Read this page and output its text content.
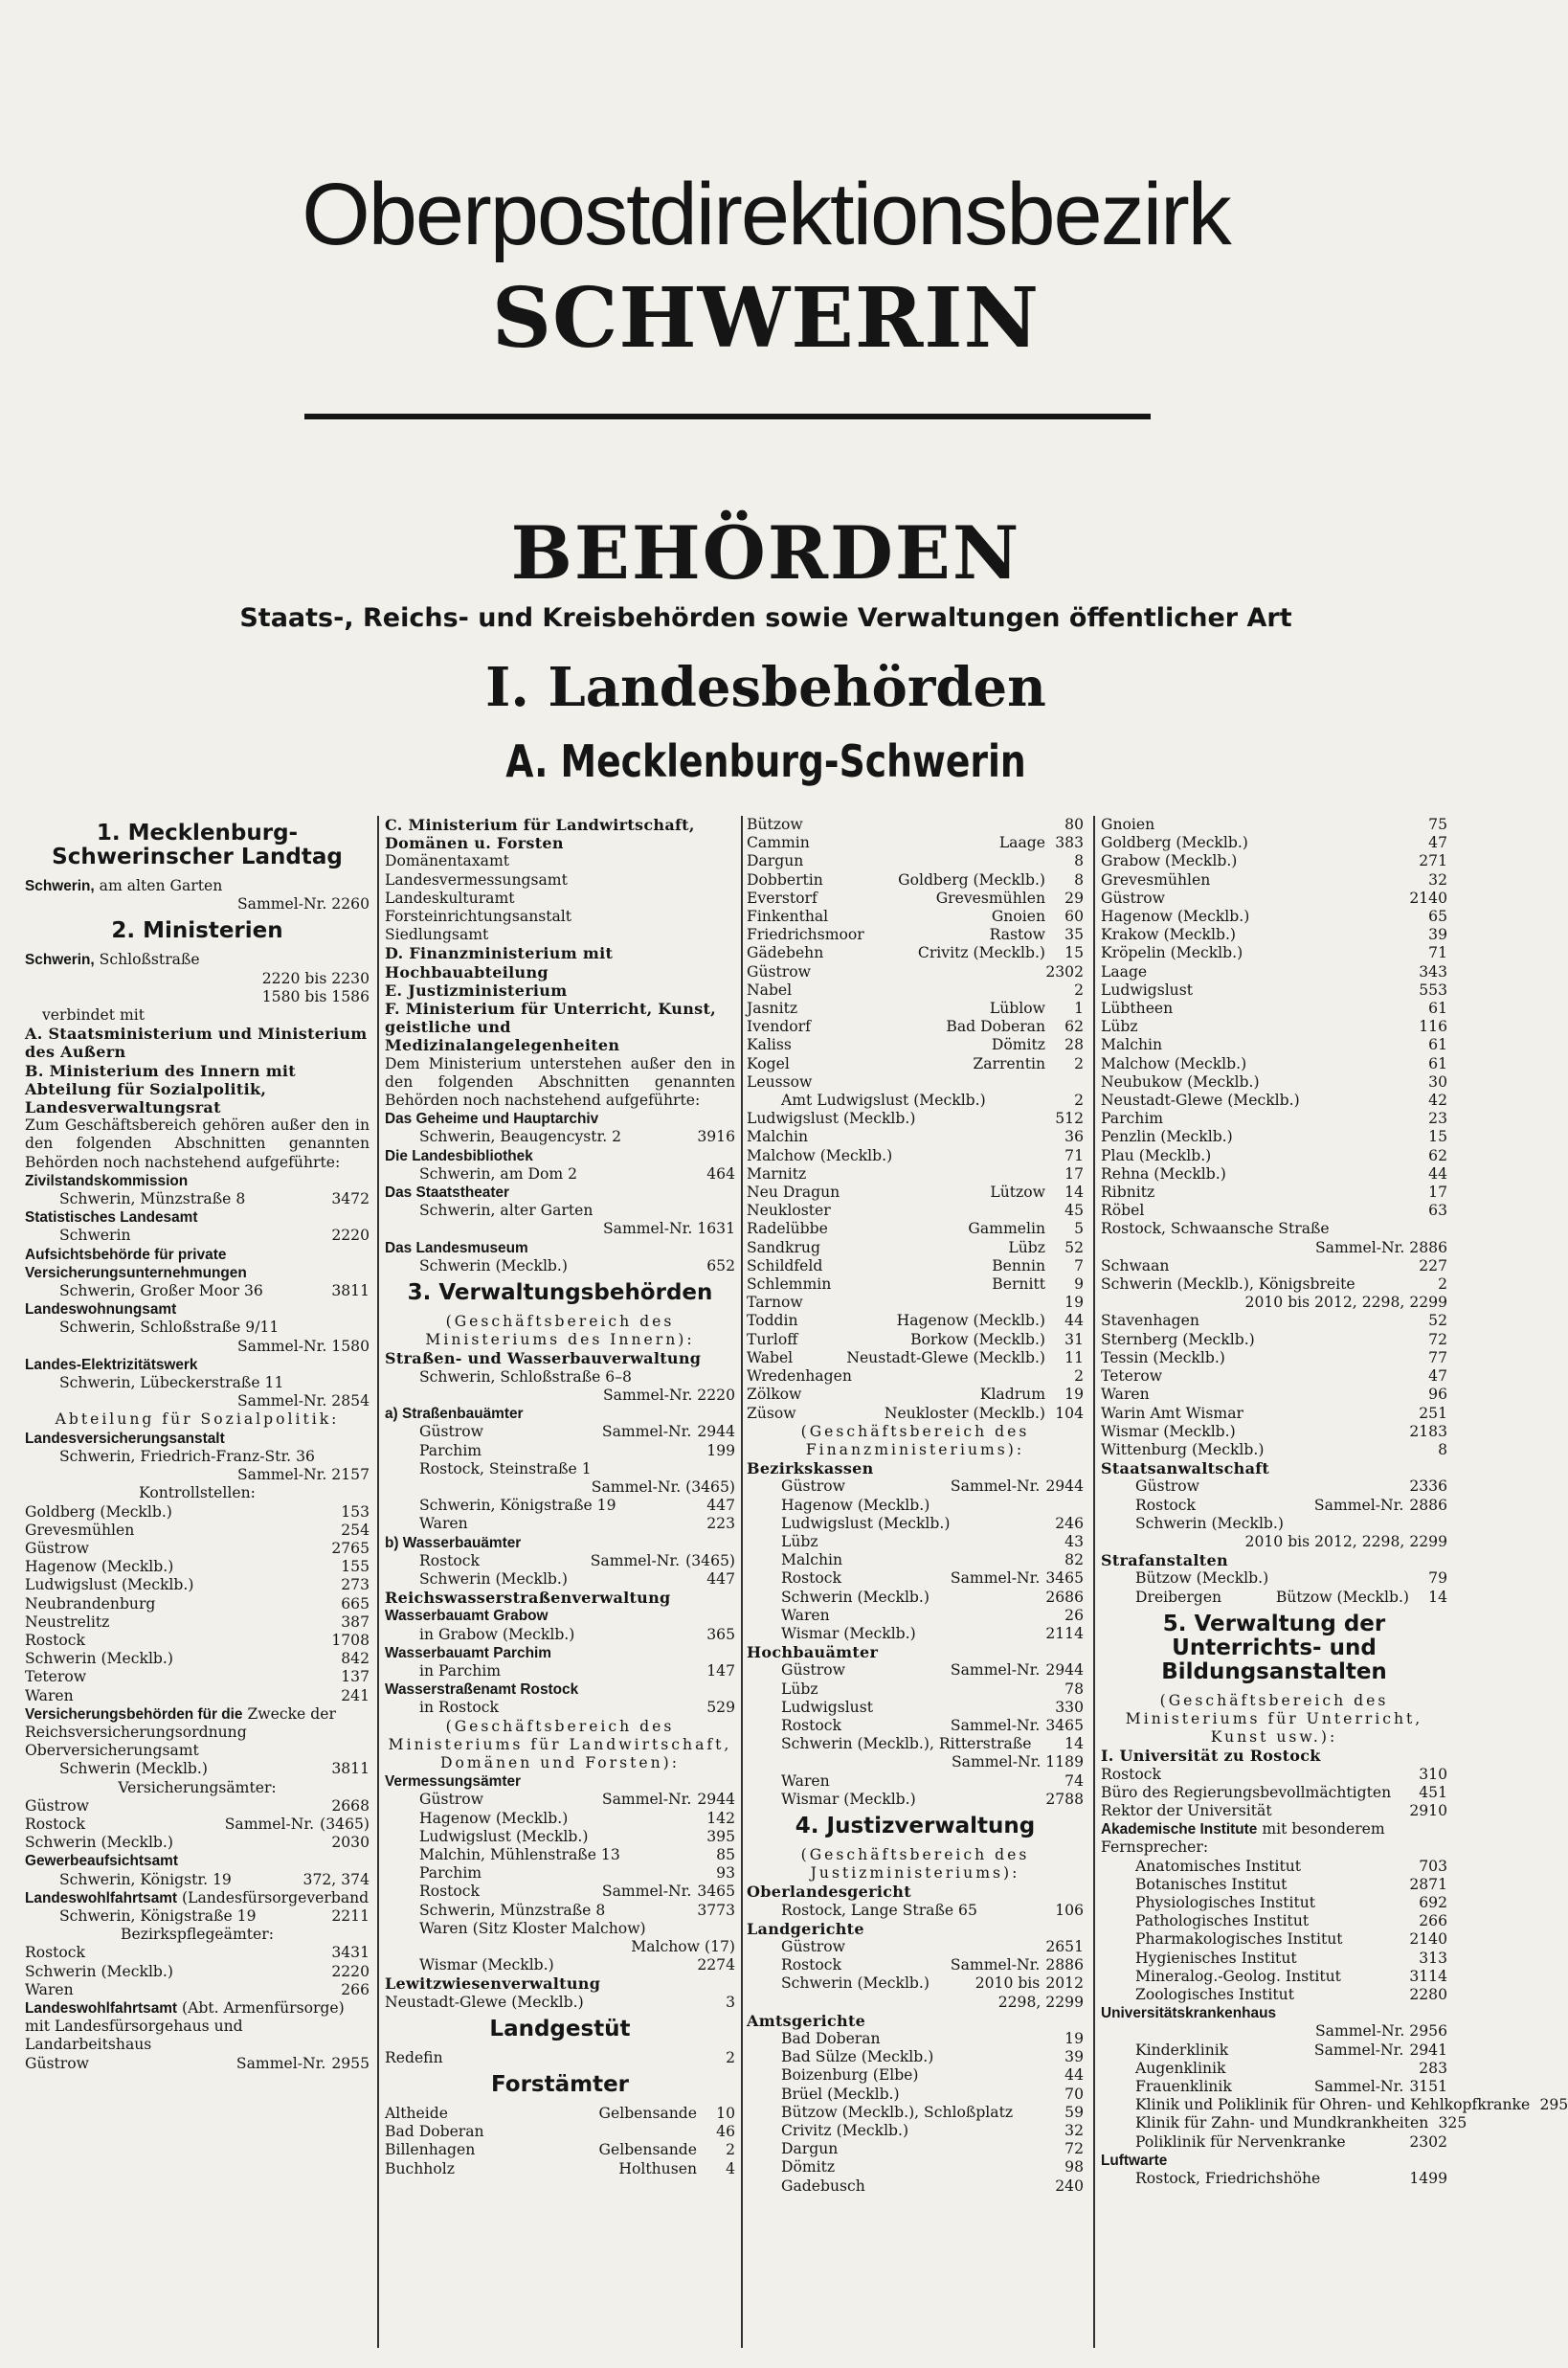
Oberpostdirektionsbezirk
SCHWERIN
BEHÖRDEN
Staats-, Reichs- und Kreisbehörden sowie Verwaltungen öffentlicher Art
I. Landesbehörden
A. Mecklenburg-Schwerin
1. Mecklenburg-Schwerinscher Landtag
Schwerin, am alten Garten
Sammel-Nr. 2260
2. Ministerien
Schwerin, Schloßstraße
2220 bis 2230
1580 bis 1586
verbindet mit
A. Staatsministerium und Ministerium des Außern
B. Ministerium des Innern mit Abteilung für Sozialpolitik, Landesverwaltungsrat
Zum Geschäftsbereich gehören außer den in den folgenden Abschnitten genannten Behörden noch nachstehend aufgeführte:
Zivilstandskommission
Schwerin, Münzstraße 8	3472
Statistisches Landesamt
Schwerin	2220
Aufsichtsbehörde für private Versicherungsunternehmungen
Schwerin, Großer Moor 36	3811
Landeswohnungsamt
Schwerin, Schloßstraße 9/11
Sammel-Nr. 1580
Landes-Elektrizitätswerk
Schwerin, Lübeckerstraße 11
Sammel-Nr. 2854
Abteilung für Sozialpolitik:
Landesversicherungsanstalt
Schwerin, Friedrich-Franz-Str. 36
Sammel-Nr. 2157
Kontrollstellen:
Goldberg (Mecklb.)	153
Grevesmühlen	254
Güstrow	2765
Hagenow (Mecklb.)	155
Ludwigslust (Mecklb.)	273
Neubrandenburg	665
Neustrelitz	387
Rostock	1708
Schwerin (Mecklb.)	842
Teterow	137
Waren	241
Versicherungsbehörden für die Zwecke der Reichsversicherungsordnung
Oberversicherungsamt
Schwerin (Mecklb.)	3811
Versicherungsämter:
Güstrow	2668
Rostock	Sammel-Nr. (3465)
Schwerin (Mecklb.)	2030
Gewerbeaufsichtsamt
Schwerin, Königstr. 19	372, 374
Landeswohlfahrtsamt (Landesfürsorgeverband
Schwerin, Königstraße 19	2211
Bezirkspflegeämter:
Rostock	3431
Schwerin (Mecklb.)	2220
Waren	266
Landeswohlfahrtsamt (Abt. Armenfürsorge) mit Landesfürsorgehaus und Landarbeitshaus
Güstrow	Sammel-Nr. 2955
C. Ministerium für Landwirtschaft, Domänen u. Forsten
Domänentaxamt
Landesvermessungsamt
Landeskulturamt
Forsteinrichtungsanstalt
Siedlungsamt
D. Finanzministerium mit Hochbauabteilung
E. Justizministerium
F. Ministerium für Unterricht, Kunst, geistliche und Medizinalangelegenheiten
Dem Ministerium unterstehen außer den in den folgenden Abschnitten genannten Behörden noch nachstehend aufgeführte:
Das Geheime und Hauptarchiv
Schwerin, Beaugencystr. 2	3916
Die Landesbibliothek
Schwerin, am Dom 2	464
Das Staatstheater
Schwerin, alter Garten
Sammel-Nr. 1631
Das Landesmuseum
Schwerin (Mecklb.)	652
3. Verwaltungsbehörden
(Geschäftsbereich des Ministeriums des Innern):
Straßen- und Wasserbauverwaltung
Schwerin, Schloßstraße 6–8
Sammel-Nr. 2220
a) Straßenbauämter
Güstrow	Sammel-Nr. 2944
Parchim	199
Rostock, Steinstraße 1
Sammel-Nr. (3465)
Schwerin, Königstraße 19	447
Waren	223
b) Wasserbauämter
Rostock	Sammel-Nr. (3465)
Schwerin (Mecklb.)	447
Reichswasserstraßenverwaltung
Wasserbauamt Grabow
in Grabow (Mecklb.)	365
Wasserbauamt Parchim
in Parchim	147
Wasserstraßenamt Rostock
in Rostock	529
(Geschäftsbereich des Ministeriums für Landwirtschaft, Domänen und Forsten):
Vermessungsämter
Güstrow	Sammel-Nr. 2944
Hagenow (Mecklb.)	142
Ludwigslust (Mecklb.)	395
Malchin, Mühlenstraße 13	85
Parchim	93
Rostock	Sammel-Nr. 3465
Schwerin, Münzstraße 8	3773
Waren (Sitz Kloster Malchow)
Malchow (17)
Wismar (Mecklb.)	2274
Lewitzwiesenverwaltung
Neustadt-Glewe (Mecklb.)	3
Landgestüt
Redefin	2
Forstämter
Altheide	Gelbensande	10
Bad Doberan	46
Billenhagen	Gelbensande	2
Buchholz	Holthusen	4
Bützow	80
Cammin	Laage 383
Dargun	8
Dobbertin	Goldberg (Mecklb.)	8
Everstorf	Grevesmühlen	29
Finkenthal	Gnoien	60
Friedrichsmoor	Rastow	35
Gädebehn	Crivitz (Mecklb.)	15
Güstrow	2302
Nabel	2
Jasnitz	Lüblow	1
Ivendorf	Bad Doberan	62
Kaliss	Dömitz	28
Kogel	Zarrentin	2
Leussow
Amt Ludwigslust (Mecklb.)	2
Ludwigslust (Mecklb.)	512
Malchin	36
Malchow (Mecklb.)	71
Marnitz	17
Neu Dragun	Lützow	14
Neukloster	45
Radelübbe	Gammelin	5
Sandkrug	Lübz	52
Schildfeld	Bennin	7
Schlemmin	Bernitt	9
Tarnow	19
Toddin	Hagenow (Mecklb.)	44
Turloff	Borkow (Mecklb.)	31
Wabel	Neustadt-Glewe (Mecklb.)	11
Wredenhagen	2
Zölkow	Kladrum	19
Züsow	Neukloster (Mecklb.) 104
(Geschäftsbereich des Finanzministeriums):
Bezirkskassen
Güstrow	Sammel-Nr. 2944
Hagenow (Mecklb.)
Ludwigslust (Mecklb.)	246
Lübz	43
Malchin	82
Rostock	Sammel-Nr. 3465
Schwerin (Mecklb.)	2686
Waren	26
Wismar (Mecklb.)	2114
Hochbauämter
Güstrow	Sammel-Nr. 2944
Lübz	78
Ludwigslust	330
Rostock	Sammel-Nr. 3465
Schwerin (Mecklb.), Ritterstraße	14
Sammel-Nr. 1189
Waren	74
Wismar (Mecklb.)	2788
4. Justizverwaltung
(Geschäftsbereich des Justizministeriums):
Oberlandesgericht
Rostock, Lange Straße 65	106
Landgerichte
Güstrow	2651
Rostock	Sammel-Nr. 2886
Schwerin (Mecklb.)	2010 bis 2012
2298, 2299
Amtsgerichte
Bad Doberan	19
Bad Sülze (Mecklb.)	39
Boizenburg (Elbe)	44
Brüel (Mecklb.)	70
Bützow (Mecklb.), Schloßplatz	59
Crivitz (Mecklb.)	32
Dargun	72
Dömitz	98
Gadebusch	240
Gnoien	75
Goldberg (Mecklb.)	47
Grabow (Mecklb.)	271
Grevesmühlen	32
Güstrow	2140
Hagenow (Mecklb.)	65
Krakow (Mecklb.)	39
Kröpelin (Mecklb.)	71
Laage	343
Ludwigslust	553
Lübtheen	61
Lübz	116
Malchin	61
Malchow (Mecklb.)	61
Neubukow (Mecklb.)	30
Neustadt-Glewe (Mecklb.)	42
Parchim	23
Penzlin (Mecklb.)	15
Plau (Mecklb.)	62
Rehna (Mecklb.)	44
Ribnitz	17
Röbel	63
Rostock, Schwaansche Straße
Sammel-Nr. 2886
Schwaan	227
Schwerin (Mecklb.), Königsbreite	2
2010 bis 2012, 2298, 2299
Stavenhagen	52
Sternberg (Mecklb.)	72
Tessin (Mecklb.)	77
Teterow	47
Waren	96
Warin Amt Wismar	251
Wismar (Mecklb.)	2183
Wittenburg (Mecklb.)	8
Staatsanwaltschaft
Güstrow	2336
Rostock	Sammel-Nr. 2886
Schwerin (Mecklb.)
2010 bis 2012, 2298, 2299
Strafanstalten
Bützow (Mecklb.)	79
Dreibergen	Bützow (Mecklb.)	14
5. Verwaltung der Unterrichts- und Bildungsanstalten
(Geschäftsbereich des Ministeriums für Unterricht, Kunst usw.):
I. Universität zu Rostock
Rostock	310
Büro des Regierungsbevollmächtigten	451
Rektor der Universität	2910
Akademische Institute mit besonderem Fernsprecher:
Anatomisches Institut	703
Botanisches Institut	2871
Physiologisches Institut	692
Pathologisches Institut	266
Pharmakologisches Institut	2140
Hygienisches Institut	313
Mineralog.-Geolog. Institut	3114
Zoologisches Institut	2280
Universitätskrankenhaus
Sammel-Nr. 2956
Kinderklinik	Sammel-Nr. 2941
Augenklinik	283
Frauenklinik	Sammel-Nr. 3151
Klinik und Poliklinik für Ohren- und Kehlkopfkranke 295
Klinik für Zahn- und Mundkrankheiten 325
Poliklinik für Nervenkranke	2302
Luftwarte
Rostock, Friedrichshöhe	1499
